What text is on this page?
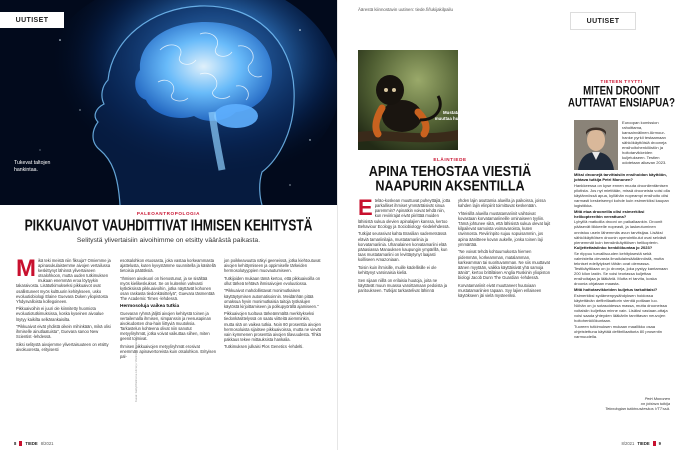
UUTISET
Tukevat taltojen hankintaa.
PALEOANTROPOLOGIA
PIKKUAIVOT VAUHDITTIVAT IHMISEN KEHITYSTÄ
Selitystä ylivertaisiin aivoihimme on etsitty väärästä paikasta.

Mikä teki meistä niin fiksuja? Omiemme ja apinasukulaistemme aivojen vertailussa keskittynyt lähinnä ylivertaiseen otsalohkoon, mutta uuden tutkimuksen mukaan enemmän eroa löytyykin takaraivosta. Lisätutkimukseksi pikkuaivot ovat osallistuneet myös kulttuurin kehitykseen, usko evoluutiobiologi Elaine Guevara Duken yliopistosta Yhdysvalloista kollegoineen.

Pikkuaivoihin ei juuri ole kiinnitetty huomiota evoluutiotutkimuksissa, koska kyseinen aivoalue löytyy kaikilta selkärankaisilta.

"Pikkuaivot eivät yhdistä oikein mihinkään, mikä olisi ihmiselle ainutlaatuista", Guevara sanoo New Scientist -lehdessä.

Siksi selitystä aivojemme ylivertaisuuteen on etsitty aivokuoresta, erityisesti

esotsalohkon etuosasta, joka vastaa korkeammasta ajattelusta, kuten kyvystämme suunnitella ja käsitellä tietoisia päätöksiä.

"Ihmisen aivokuori on hienostunut, ja se sisältää myös kielikeskukset. Se on kuitenkin vahvasti kytköksissä pikkuaivoihin, jotka näyttävät kohonen osan raskasta tiedonkäsittelyä", Guevara täsmentää The Academic Times -lehdessä.

Hermosoluja vaikea tutkia

Guevaran ryhmä jäljitti aivojen kehitystä toinen ja vertailemalla ihmisen, simpanssin ja reesusapinan aivokudosten dna-hain liittyviä muutoksia. Tarkastelun kohteena olivat niin sanotut metyyliryhmät, jotka voivat vaikuttaa siihen, miten geenit toimivat.

Ihmisen pikkuaivojen metyyliryhmät erosivat enemmän apinavertoreista kuin otsalohkon. Erityisen pal-

jon poikkeavuutta näkyi geeneissä, jotka kiehtoutuvat aivojen kehittymiseen ja oppimiselle tärkeiden hermosolutyyppien muovautumiseen.

Tutkijoiden mukaan tämä kertoo, että pikkuaivoilla on ollut tärkeä tehtävä ihmisaivojen evoluutiossa.

"Pikkuaivot mahdollistavat monimutkaisen käyttäytymisen automatisoinnin. Meidänhän pitää omaksua hyvin monimutkaisia taitoja työkalujen käytöstä kirjoittamiseen ja polkupyörällä ajamiseen."

Pikkuaivojen tuoltuva tärkeämmältä merkitykseksi tiedonkäsittelyssä on saatu viitteitä aiemminkin, mutta sitä on vaikea tutkia. Noin 80 prosenttia aivojen hermosoluista sijaitsee pikkuaivoissa, mutta ne vievät vain kymmenen prosenttia aivojen tilavuudesta. Tihkä pakkaus tekee mittauksista hankalia.

Tutkimuksen julkaisi Plos Genetics -lehdelti.

Kuvat: Getty/Wellcome Library / Wellcome Collection
8 TIEDE 8/2021
Äärestä kiinnostavin uutinen: tiede.fi/lukijakilpailu
Mustatamariini muuttaa huutoaan.
ELÄINTIEDE
APINA TEHOSTAA VIESTIÄ
NAAPURIN AKSENTILLA

Eteläo-koskean muuttuvat puheyttäjiä, jotta parkalliset ihmiset ymmärtäisivät sinua paremmin? Apinatkin voivat tehdä niin, kun reviirirajat eivät piirittää muiden lähisistä sukua olevien apinalajien kanssa, kertoo Behaviour Ecology ja Sociobiology -tiedelehdessä.

Tutkijat seurasivat kahta Brasilian sademetsässä eläviä tamariinilajia, mustatamariinia ja korvatamariinia. Uhanalainen korvatamariini elää pääasiassa Manauksen kaupungin ympärillä, kun taas mustatamariini on levittäytynyt laajasti koilliseen Amazoniaan.

Toisin kuin ihmisille, muille kädellisille ei ole kehittynyt varsinaisia kieliä.

Sen sijaan niillä on erilaisia huutoja, joita ne käyttävät muun muassa varoittamaan pedoista ja paritoukseen. Tutkijat tarkastelivat lähinnä

yhden lajin asuttamia alueilla ja paikoissa, joissa kahden lajin elinpiirit toimittuvat keskenään.

Yhteisillä alueilla mustatamariinit vaihtoivat kovastaan korvatamariineille ominaiseen tyyliin. Tämä johtunee siitä, että lähisistä sukua olevat lajit kilpailevat samoista voimavaroista, kuten ravinnosta. Reviirinpito sujuu sopuisammin, jos apina äänitteee kovan aukelle, jonka toinen laji ymmärtää.

"Ne voivat tehdä kohtuumukosta hiemen pidemmän, korkeamman, matalamman, karkeamman tai suorituvamman. Ne siis muuttavat äänen myytään, vaikka käyttäisivät yhä samoja ääniä", kertoo brittiläisen Anglia Ruskinin yliopiston biologi Jacob Dunn The Guardian -lehdessä.

Korvatamariinit eivät muuttaneet huutoiaan mustatamariinien tapaan. Syy lajien erilaiseen käytökseen jäi vielä mysteeriksi.

UUTISET
TIETEEN TYYTTI
MITEN DROONIT
AUTTAVAT ENSIAPUA?
Euroopan komission rahoittama, kansainvälinen Airmour-hanke pyrkii testaamaan sähkökäyttöisiä drooneja ensihoitohenkilöstön ja hoitotarvikkeiden kuljetukseen. Testien odotetaan alkavan 2023.

Miksi droonejä tarvittaisiin ensihoidon käyttöön, johtava tutkija Petri Mononen?

Hankkeessa on kyse ennen muuta droonilentämisen pilotista. Jos nyt mietitään, missä drooneista voisi olla käytännössä apua, kyllähän nopeampi ensihoito olisi varmasti keskeisempi kohde kuin esimerkiksi kaupan logistiikka.

Mitä etua drooneilla olisi esimerkiksi helikoptereihin verrattuna?

Lyhyillä matkoilla drooni on paikallaankin. Droonit pääsevät liikkeelle nopeasti, ja laskeutuminen onnistuu usein lähemmäs avun tarvitsijaa. Lisäksi sähkökäyttöisen droonin operointikulut ovat selvästi pienemmät kuin bensiinikäyttöisen helikopterin.

Kuljettettaisiinko henkilökuntaa jo 2023?

Se riippuu turvallisuuden kehityksestä sekä valmistelta olevasta ilmailulainsäädännöstä, mutta tekniset edellytykset tähän ovat olemassa. Testikäyttöaan on jo droneja, joka pystyy kantamaan 200 kilon lastin. Se voisi teoriassa kuljettaa ensihoitajaa ja lääkäriä. Mutta ei tarvita, koska droonia ohjataan maasta.

Mitä hoitotarvikkeiden kuljetus tarkoittaisi?

Esimerkiksi sydämenpysähdyksen hoidossa käytettävän defibrillaattorin vientiä potilaan luo. Nöhän on jo sotasoidessa massa, mutta drooneissa voitaisiin kuljettaa minne vain. Lisäksi vastaan-ottaja voisi saada yhteyden lääkäriin tarvittavan neuvojen hoitohenkilökuntaan.

Tuoreen tutkimuksen mukaan maallikko osaa ohjeistettuna käyttää defibrillaattoria 80 prosentin varmuudella.

Petri Mononen
on johtava tutkija
Teknologian tutkimuskeskus VTT:ssä.
8/2021 TIEDE 9
